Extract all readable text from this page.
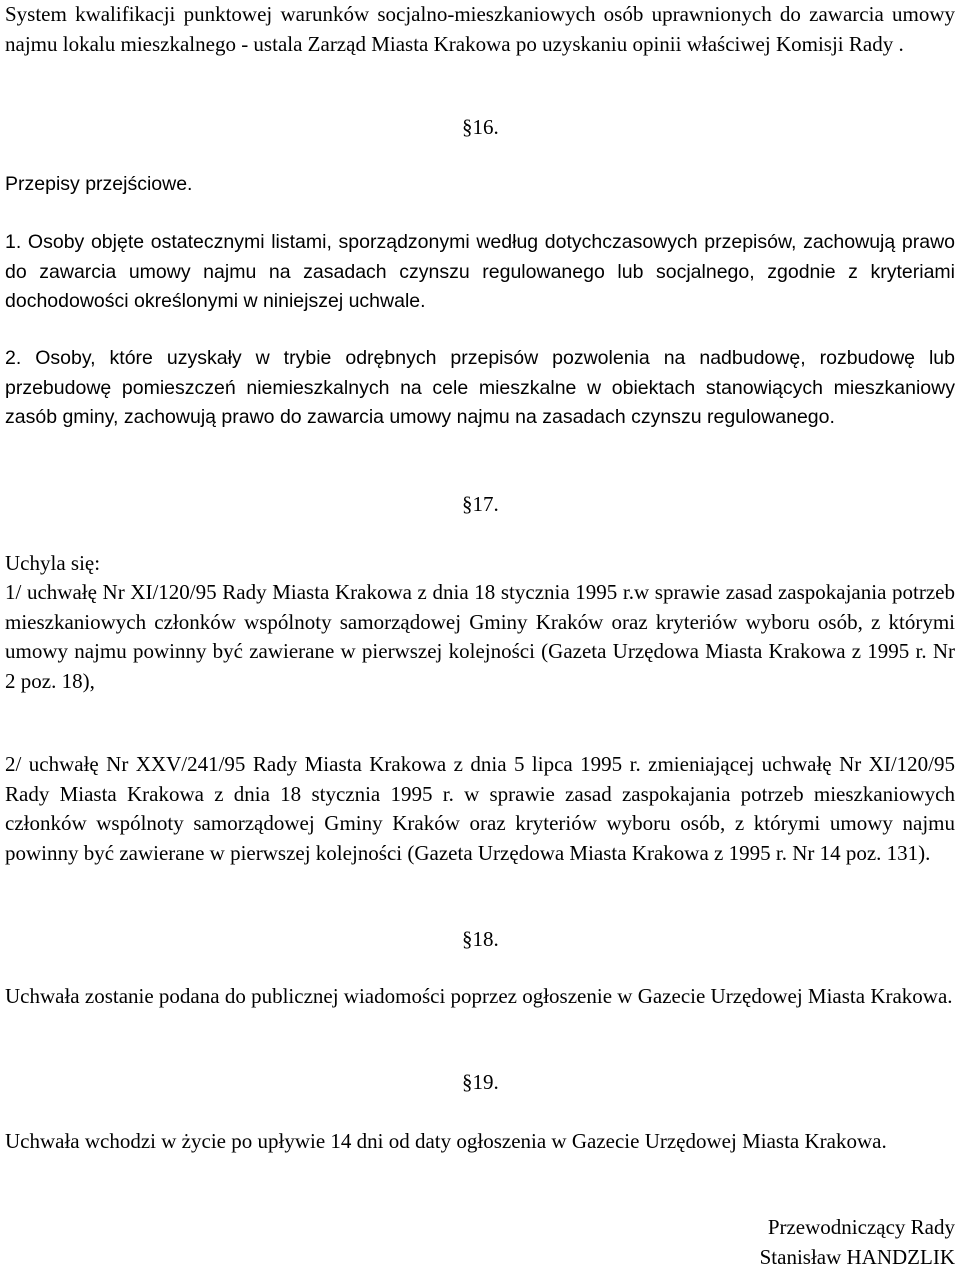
System kwalifikacji punktowej warunków socjalno-mieszkaniowych osób uprawnionych do zawarcia umowy najmu lokalu mieszkalnego - ustala Zarząd Miasta Krakowa po uzyskaniu opinii właściwej Komisji Rady .

§16.

Przepisy przejściowe.

1. Osoby objęte ostatecznymi listami, sporządzonymi według dotychczasowych przepisów, zachowują prawo do zawarcia umowy najmu na zasadach czynszu regulowanego lub socjalnego, zgodnie z kryteriami dochodowości określonymi w niniejszej uchwale.

2. Osoby, które uzyskały w trybie odrębnych przepisów pozwolenia na nadbudowę, rozbudowę lub przebudowę pomieszczeń niemieszkalnych na cele mieszkalne w obiektach stanowiących mieszkaniowy zasób gminy, zachowują prawo do zawarcia umowy najmu na zasadach czynszu regulowanego.

§17.

Uchyla się:

1/ uchwałę Nr XI/120/95 Rady Miasta Krakowa z dnia 18 stycznia 1995 r.w sprawie zasad zaspokajania potrzeb mieszkaniowych członków wspólnoty samorządowej Gminy Kraków oraz kryteriów wyboru osób, z którymi umowy najmu powinny być zawierane w pierwszej kolejności (Gazeta Urzędowa Miasta Krakowa z 1995 r. Nr 2 poz. 18),

2/ uchwałę Nr XXV/241/95 Rady Miasta Krakowa z dnia 5 lipca 1995 r. zmieniającej uchwałę Nr XI/120/95 Rady Miasta Krakowa z dnia 18 stycznia 1995 r. w sprawie zasad zaspokajania potrzeb mieszkaniowych członków wspólnoty samorządowej Gminy Kraków oraz kryteriów wyboru osób, z którymi umowy najmu powinny być zawierane w pierwszej kolejności (Gazeta Urzędowa Miasta Krakowa z 1995 r. Nr 14 poz. 131).

§18.

Uchwała zostanie podana do publicznej wiadomości poprzez ogłoszenie w Gazecie Urzędowej Miasta Krakowa.

§19.

Uchwała wchodzi w życie po upływie 14 dni od daty ogłoszenia w Gazecie Urzędowej Miasta Krakowa.

Przewodniczący Rady
Stanisław HANDZLIK
